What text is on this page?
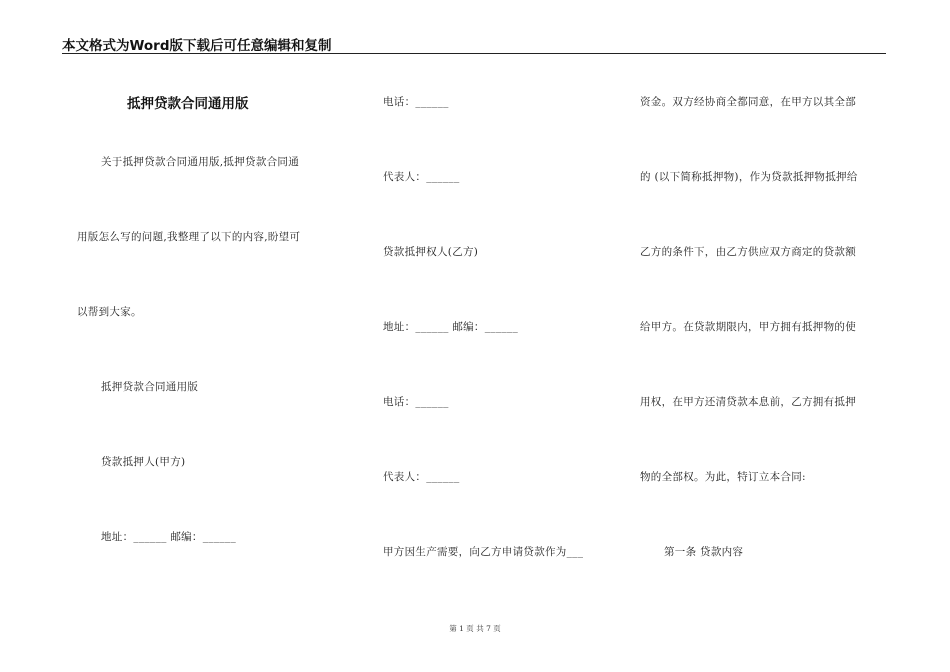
本文格式为Word版下载后可任意编辑和复制
抵押贷款合同通用版
关于抵押贷款合同通用版,抵押贷款合同通
用版怎么写的问题,我整理了以下的内容,盼望可
以帮到大家。
抵押贷款合同通用版
贷款抵押人(甲方)
地址：______ 邮编：______
电话：______
代表人：______
贷款抵押权人(乙方)
地址：______ 邮编：______
电话：______
代表人：______
甲方因生产需要，向乙方申请贷款作为___
资金。双方经协商全都同意，在甲方以其全部
的 (以下简称抵押物)，作为贷款抵押物抵押给
乙方的条件下，由乙方供应双方商定的贷款额
给甲方。在贷款期限内，甲方拥有抵押物的使
用权，在甲方还清贷款本息前，乙方拥有抵押
物的全部权。为此，特订立本合同:
第一条 贷款内容
第 1 页 共 7 页
